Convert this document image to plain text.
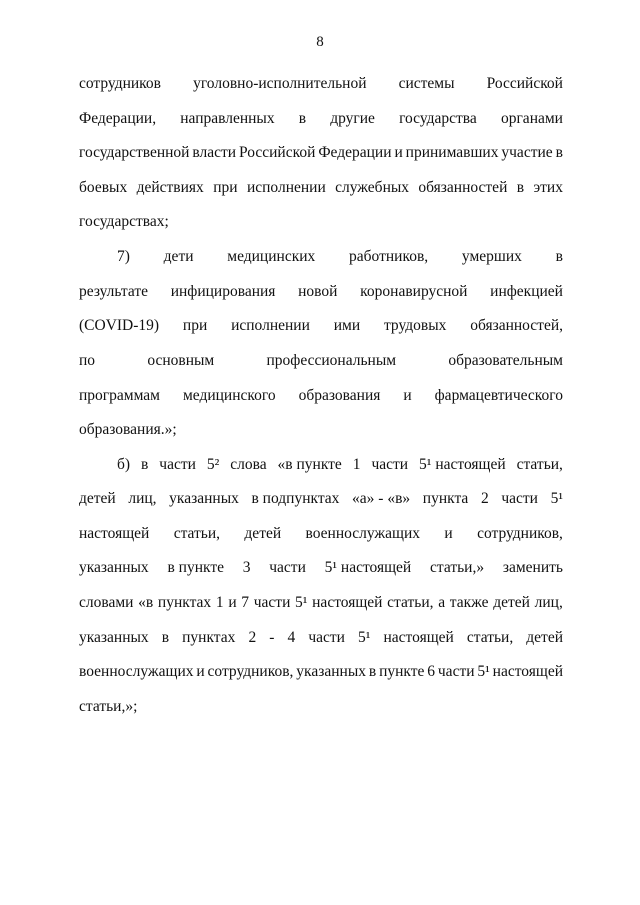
8
сотрудников уголовно-исполнительной системы Российской
Федерации, направленных в другие государства органами
государственной власти Российской Федерации и принимавших участие в
боевых действиях при исполнении служебных обязанностей в этих
государствах;
7) дети медицинских работников, умерших в
результате инфицирования новой коронавирусной инфекцией
(COVID-19) при исполнении ими трудовых обязанностей,
по	основным	профессиональным	образовательным
программам медицинского образования и фармацевтического
образования.»;
б) в части 5² слова «в пункте 1 части 5¹ настоящей статьи,
детей лиц, указанных в подпунктах «а» - «в» пункта 2 части 5¹
настоящей статьи, детей военнослужащих и сотрудников,
указанных в пункте 3 части 5¹ настоящей статьи,» заменить
словами «в пунктах 1 и 7 части 5¹ настоящей статьи, а также детей лиц,
указанных в пунктах 2 - 4 части 5¹ настоящей статьи, детей
военнослужащих и сотрудников, указанных в пункте 6 части 5¹ настоящей
статьи,»;
